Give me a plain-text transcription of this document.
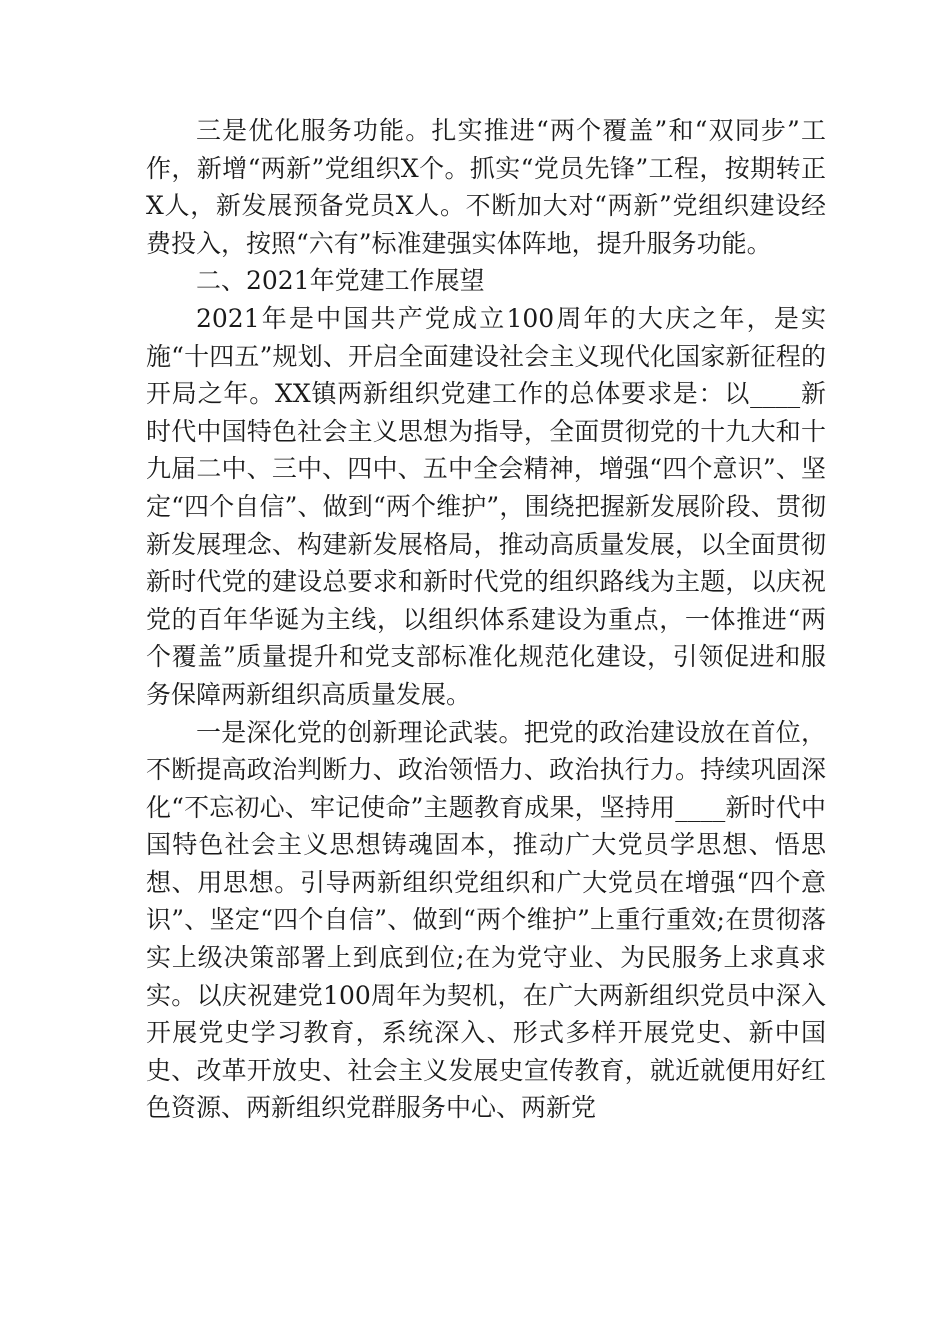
三是优化服务功能。扎实推进“两个覆盖”和“双同步”工作，新增“两新”党组织X个。抓实“党员先锋”工程，按期转正X人，新发展预备党员X人。不断加大对“两新”党组织建设经费投入，按照“六有”标准建强实体阵地，提升服务功能。

二、2021年党建工作展望

2021年是中国共产党成立100周年的大庆之年，是实施“十四五”规划、开启全面建设社会主义现代化国家新征程的开局之年。XX镇两新组织党建工作的总体要求是：以____新时代中国特色社会主义思想为指导，全面贯彻党的十九大和十九届二中、三中、四中、五中全会精神，增强“四个意识”、坚定“四个自信”、做到“两个维护”，围绕把握新发展阶段、贯彻新发展理念、构建新发展格局，推动高质量发展，以全面贯彻新时代党的建设总要求和新时代党的组织路线为主题，以庆祝党的百年华诞为主线，以组织体系建设为重点，一体推进“两个覆盖”质量提升和党支部标准化规范化建设，引领促进和服务保障两新组织高质量发展。

一是深化党的创新理论武装。把党的政治建设放在首位，不断提高政治判断力、政治领悟力、政治执行力。持续巩固深化“不忘初心、牢记使命”主题教育成果，坚持用____新时代中国特色社会主义思想铸魂固本，推动广大党员学思想、悟思想、用思想。引导两新组织党组织和广大党员在增强“四个意识”、坚定“四个自信”、做到“两个维护”上重行重效;在贯彻落实上级决策部署上到底到位;在为党守业、为民服务上求真求实。以庆祝建党100周年为契机，在广大两新组织党员中深入开展党史学习教育，系统深入、形式多样开展党史、新中国史、改革开放史、社会主义发展史宣传教育，就近就便用好红色资源、两新组织党群服务中心、两新党
